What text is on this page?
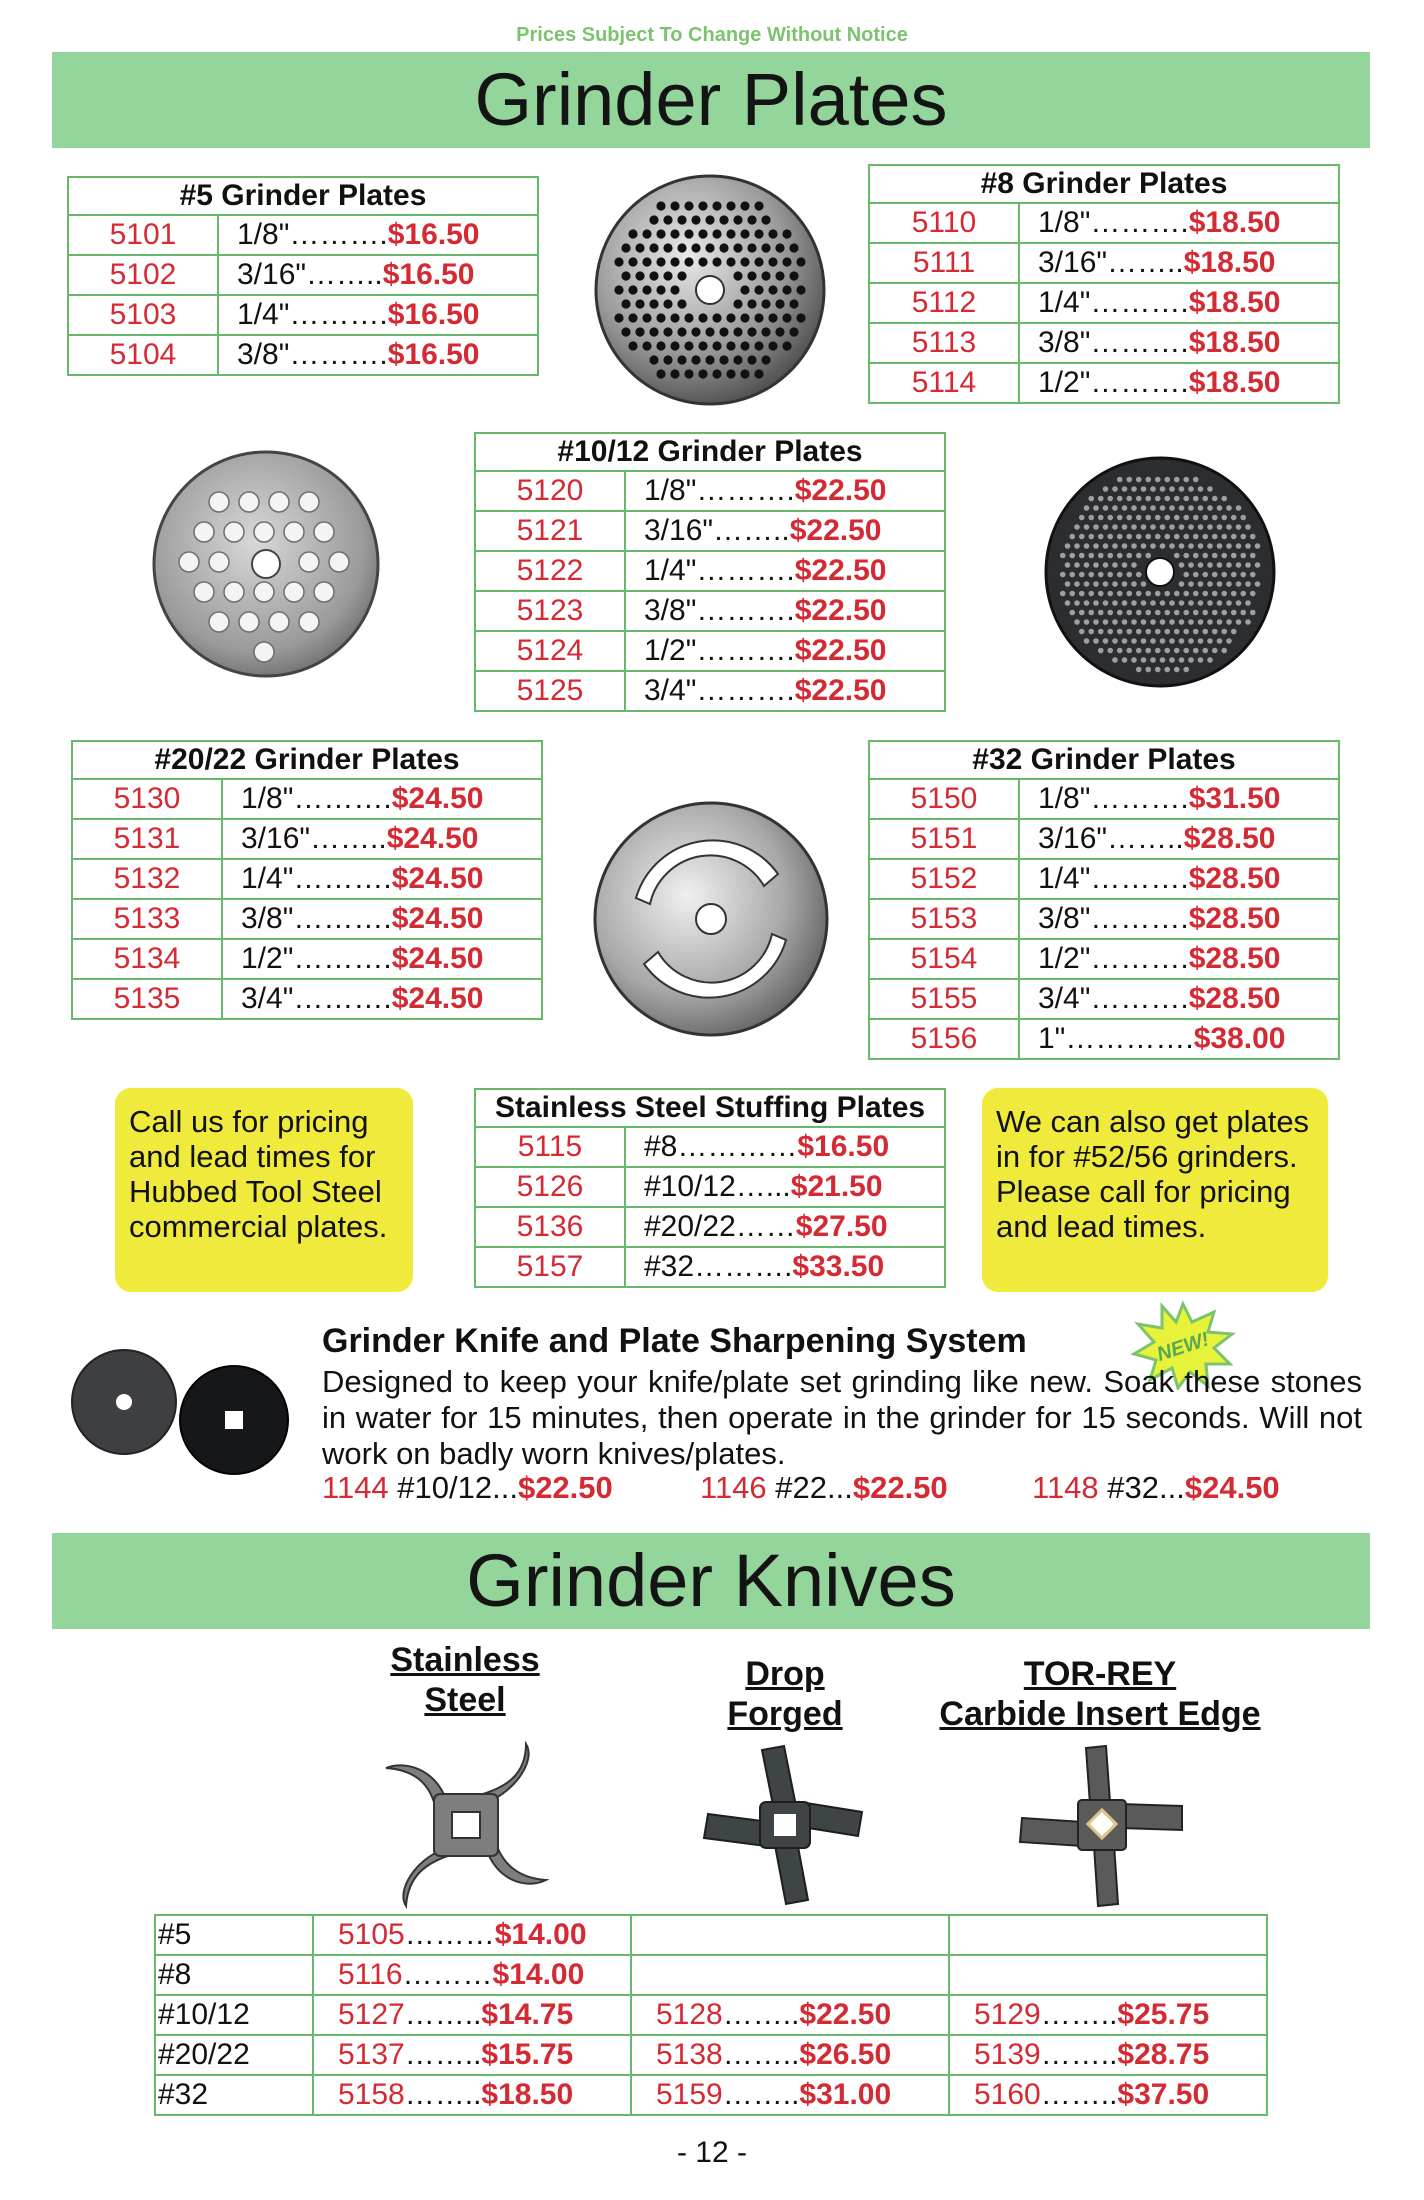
Prices Subject To Change Without Notice
Grinder Plates
#5 Grinder Plates	
5101	1/8"……….$16.50
5102	3/16"……..$16.50
5103	1/4"……….$16.50
5104	3/8"……….$16.50
#8 Grinder Plates	
5110	1/8"……….$18.50
5111	3/16"……..$18.50
5112	1/4"……….$18.50
5113	3/8"……….$18.50
5114	1/2"……….$18.50
#10/12 Grinder Plates	
5120	1/8"……….$22.50
5121	3/16"……..$22.50
5122	1/4"……….$22.50
5123	3/8"……….$22.50
5124	1/2"……….$22.50
5125	3/4"……….$22.50
#20/22 Grinder Plates	
5130	1/8"……….$24.50
5131	3/16"……..$24.50
5132	1/4"……….$24.50
5133	3/8"……….$24.50
5134	1/2"……….$24.50
5135	3/4"……….$24.50
#32 Grinder Plates	
5150	1/8"……….$31.50
5151	3/16"……..$28.50
5152	1/4"……….$28.50
5153	3/8"……….$28.50
5154	1/2"……….$28.50
5155	3/4"……….$28.50
5156	1"………….$38.00
Stainless Steel Stuffing Plates	
5115	#8…………$16.50
5126	#10/12…...$21.50
5136	#20/22……$27.50
5157	#32……….$33.50
Call us for pricing and lead times for Hubbed Tool Steel commercial plates.
We can also get plates in for #52/56 grinders. Please call for pricing and lead times.
NEW!
Grinder Knife and Plate Sharpening System
Designed to keep your knife/plate set grinding like new. Soak these stones in water for 15 minutes, then operate in the grinder for 15 seconds. Will not work on badly worn knives/plates.
1144 #10/12...$22.50	1146 #22...$22.50	1148 #32...$24.50
Grinder Knives
Stainless
Steel
Drop
Forged
TOR-REY
Carbide Insert Edge
#5	5105………$14.00		
#8	5116………$14.00		
#10/12	5127……..$14.75	5128……..$22.50	5129……..$25.75
#20/22	5137……..$15.75	5138……..$26.50	5139……..$28.75
#32	5158……..$18.50	5159……..$31.00	5160……..$37.50
- 12 -
